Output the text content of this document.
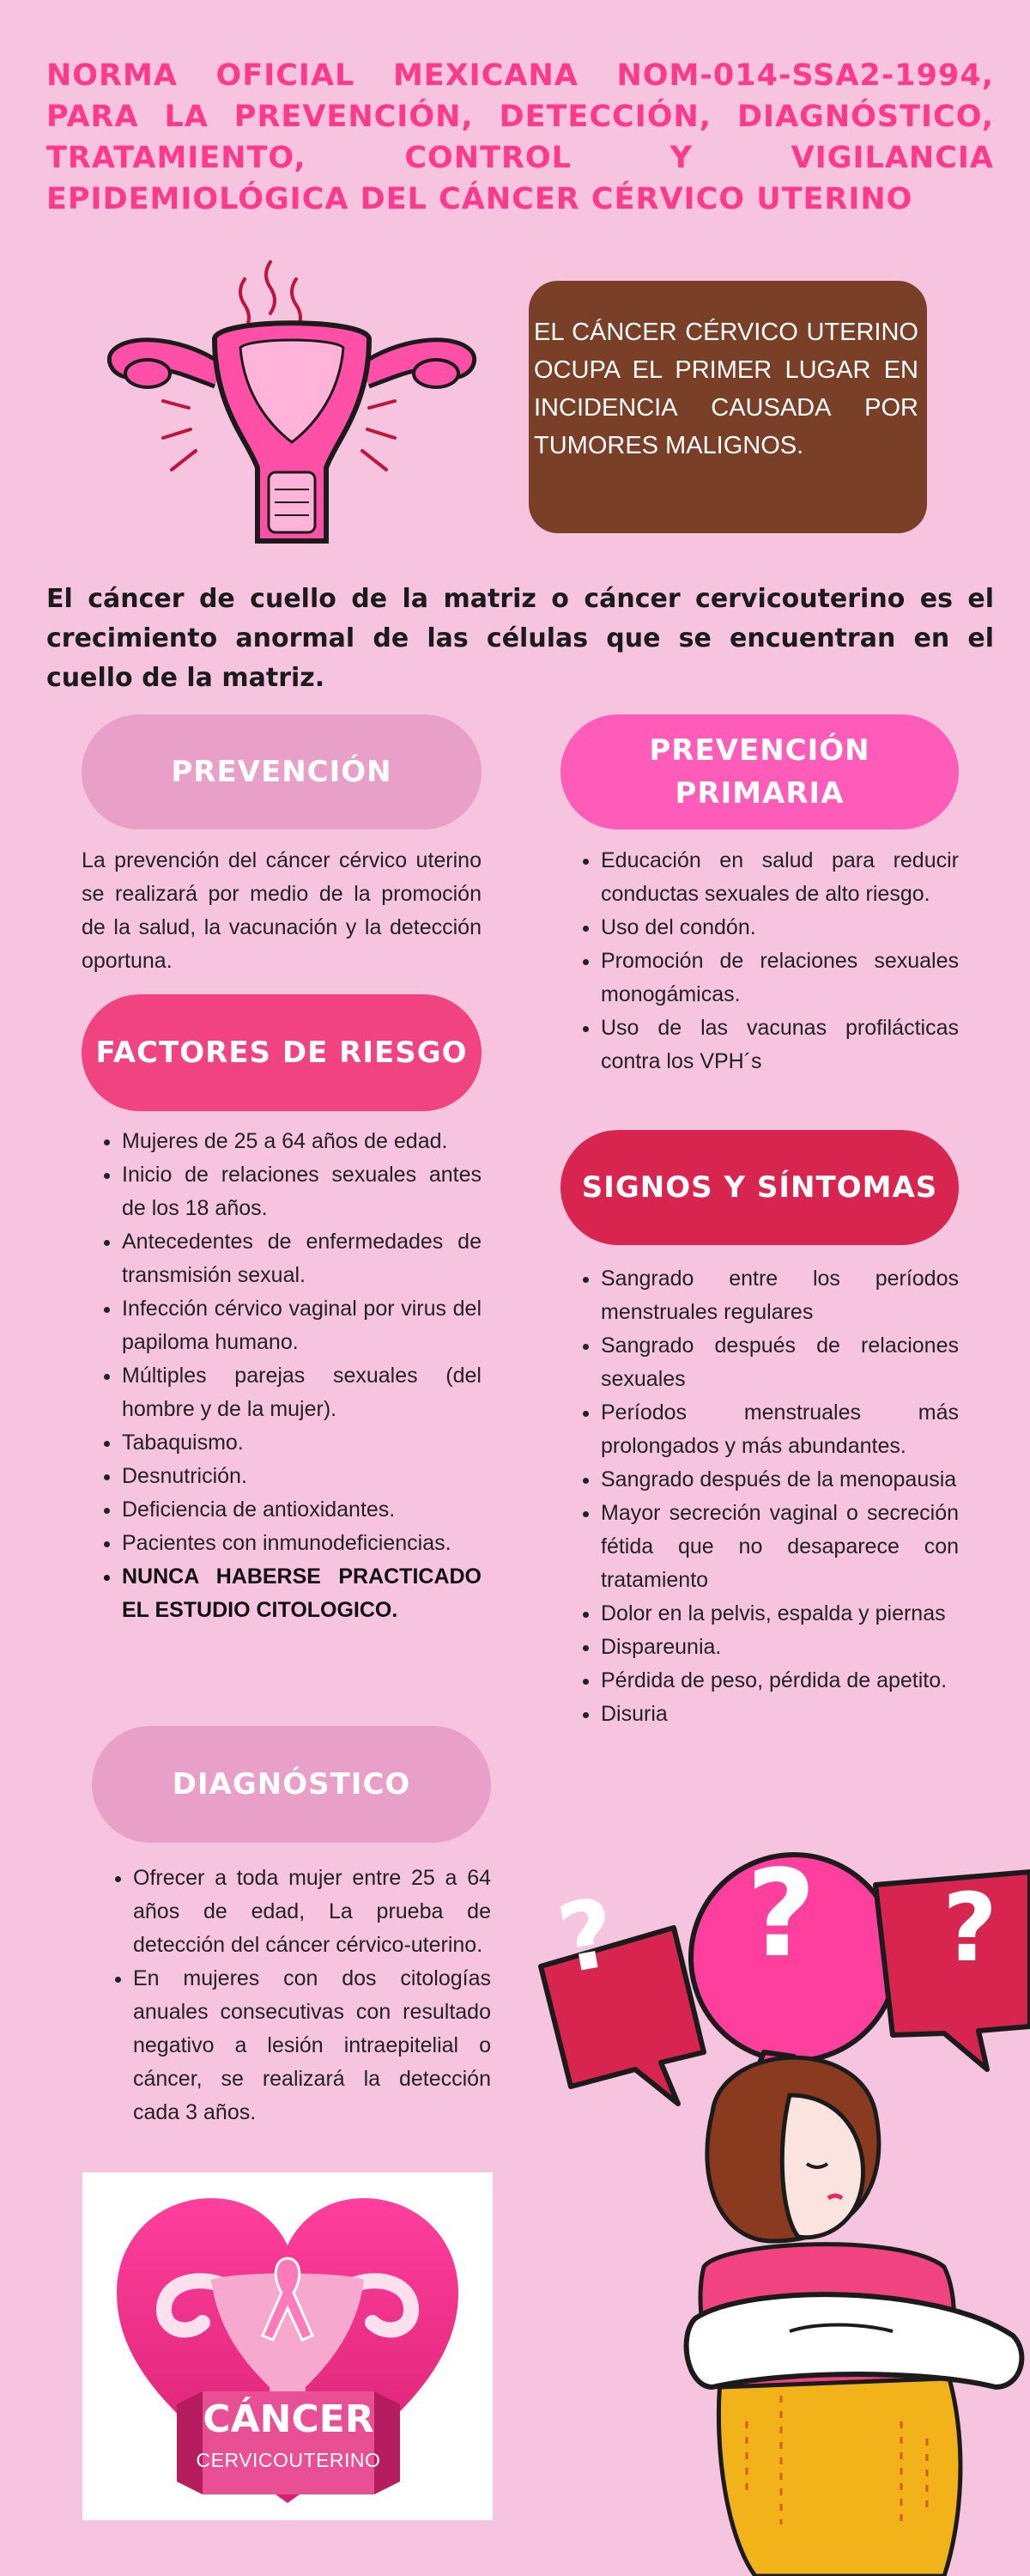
NORMA OFICIAL MEXICANA NOM-014-SSA2-1994,
PARA LA PREVENCIÓN, DETECCIÓN, DIAGNÓSTICO,
TRATAMIENTO, CONTROL Y VIGILANCIA
EPIDEMIOLÓGICA DEL CÁNCER CÉRVICO UTERINO

EL CÁNCER CÉRVICO UTERINO OCUPA EL PRIMER LUGAR EN INCIDENCIA CAUSADA POR TUMORES MALIGNOS.

El cáncer de cuello de la matriz o cáncer cervicouterino es el crecimiento anormal de las células que se encuentran en el cuello de la matriz.

PREVENCIÓN

La prevención del cáncer cérvico uterino se realizará por medio de la promoción de la salud, la vacunación y la detección oportuna.

PREVENCIÓN PRIMARIA
• Educación en salud para reducir conductas sexuales de alto riesgo.
• Uso del condón.
• Promoción de relaciones sexuales monogámicas.
• Uso de las vacunas profilácticas contra los VPH´s
FACTORES DE RIESGO
• Mujeres de 25 a 64 años de edad.
• Inicio de relaciones sexuales antes de los 18 años.
• Antecedentes de enfermedades de transmisión sexual.
• Infección cérvico vaginal por virus del papiloma humano.
• Múltiples parejas sexuales (del hombre y de la mujer).
• Tabaquismo.
• Desnutrición.
• Deficiencia de antioxidantes.
• Pacientes con inmunodeficiencias.
• NUNCA HABERSE PRACTICADO EL ESTUDIO CITOLOGICO.
SIGNOS Y SÍNTOMAS
• Sangrado entre los períodos menstruales regulares
• Sangrado después de relaciones sexuales
• Períodos menstruales más prolongados y más abundantes.
• Sangrado después de la menopausia
• Mayor secreción vaginal o secreción fétida que no desaparece con tratamiento
• Dolor en la pelvis, espalda y piernas
• Dispareunia.
• Pérdida de peso, pérdida de apetito.
• Disuria
DIAGNÓSTICO
• Ofrecer a toda mujer entre 25 a 64 años de edad, La prueba de detección del cáncer cérvico-uterino.
• En mujeres con dos citologías anuales consecutivas con resultado negativo a lesión intraepitelial o cáncer, se realizará la detección cada 3 años.
CÁNCER
CERVICOUTERINO
? ? ?
